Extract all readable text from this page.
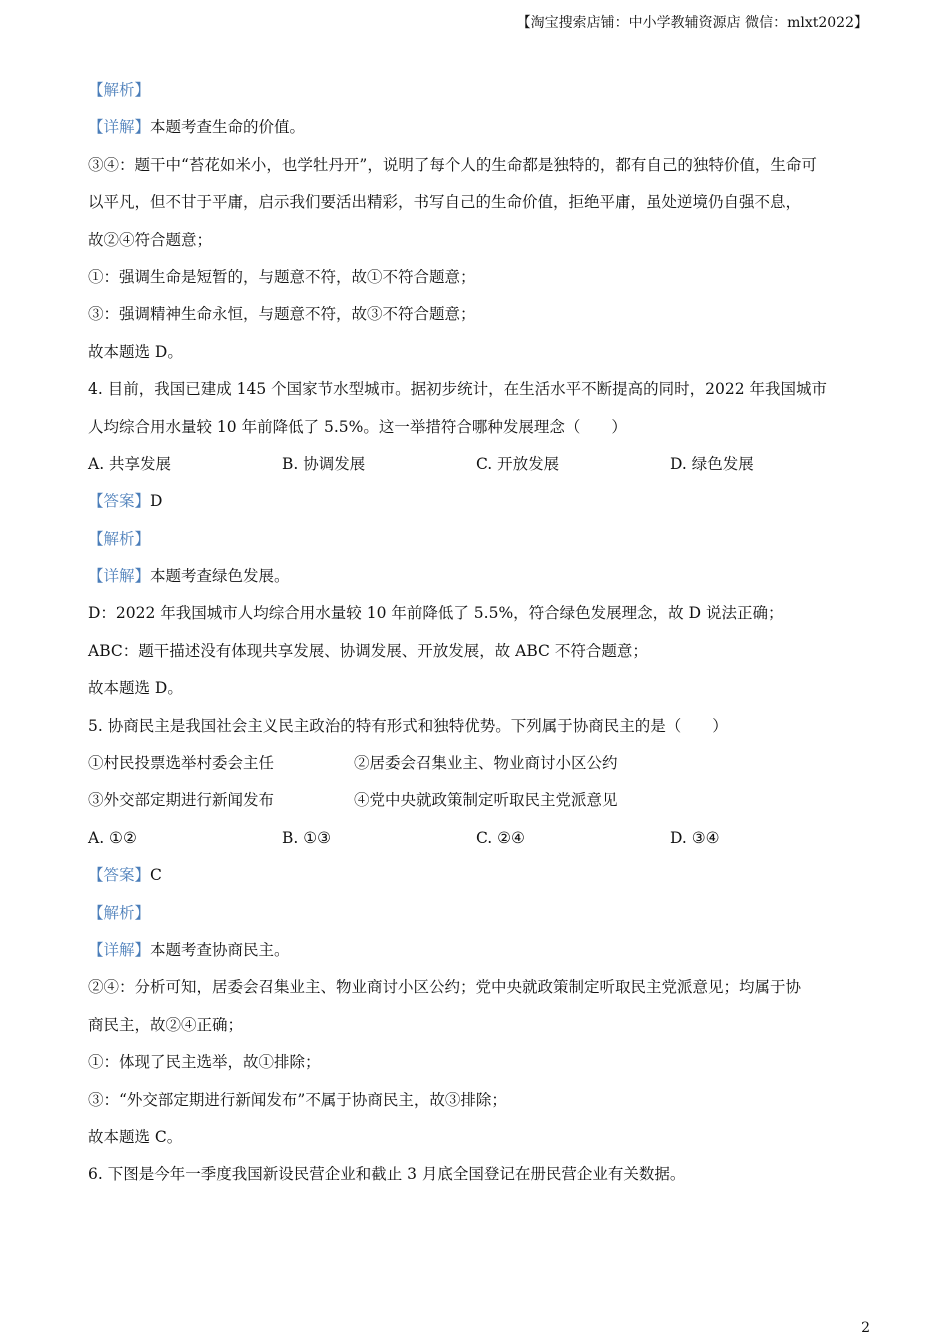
【淘宝搜索店铺：中小学教辅资源店 微信：mlxt2022】
【解析】
【详解】本题考查生命的价值。
③④：题干中“苔花如米小，也学牡丹开”，说明了每个人的生命都是独特的，都有自己的独特价值，生命可
以平凡，但不甘于平庸，启示我们要活出精彩，书写自己的生命价值，拒绝平庸，虽处逆境仍自强不息，
故②④符合题意；
①：强调生命是短暂的，与题意不符，故①不符合题意；
③：强调精神生命永恒，与题意不符，故③不符合题意；
故本题选 D。
4. 目前，我国已建成 145 个国家节水型城市。据初步统计，在生活水平不断提高的同时，2022 年我国城市
人均综合用水量较 10 年前降低了 5.5%。这一举措符合哪种发展理念（　　）
A. 共享发展	B. 协调发展	C. 开放发展	D. 绿色发展
【答案】D
【解析】
【详解】本题考查绿色发展。
D：2022 年我国城市人均综合用水量较 10 年前降低了 5.5%，符合绿色发展理念，故 D 说法正确；
ABC：题干描述没有体现共享发展、协调发展、开放发展，故 ABC 不符合题意；
故本题选 D。
5. 协商民主是我国社会主义民主政治的特有形式和独特优势。下列属于协商民主的是（　　）
①村民投票选举村委会主任	②居委会召集业主、物业商讨小区公约
③外交部定期进行新闻发布	④党中央就政策制定听取民主党派意见
A. ①②	B. ①③	C. ②④	D. ③④
【答案】C
【解析】
【详解】本题考查协商民主。
②④：分析可知，居委会召集业主、物业商讨小区公约；党中央就政策制定听取民主党派意见；均属于协
商民主，故②④正确；
①：体现了民主选举，故①排除；
③：“外交部定期进行新闻发布”不属于协商民主，故③排除；
故本题选 C。
6. 下图是今年一季度我国新设民营企业和截止 3 月底全国登记在册民营企业有关数据。
2
